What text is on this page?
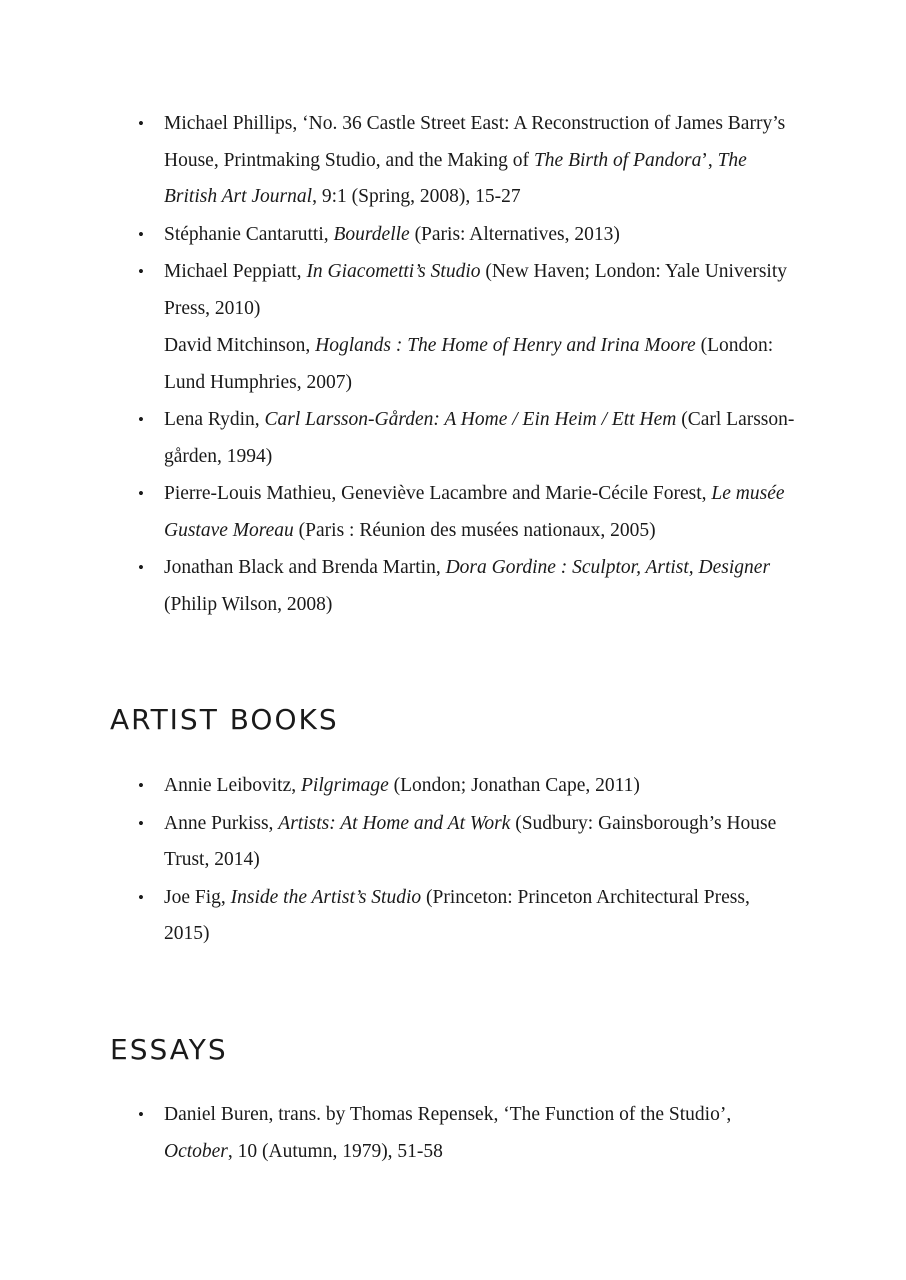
• Michael Phillips, ‘No. 36 Castle Street East: A Reconstruction of James Barry’s House, Printmaking Studio, and the Making of The Birth of Pandora’, The British Art Journal, 9:1 (Spring, 2008), 15-27
• Stéphanie Cantarutti, Bourdelle (Paris: Alternatives, 2013)
• Michael Peppiatt, In Giacometti’s Studio (New Haven; London: Yale University Press, 2010)
David Mitchinson, Hoglands : The Home of Henry and Irina Moore (London: Lund Humphries, 2007)
• Lena Rydin, Carl Larsson-Gården: A Home / Ein Heim / Ett Hem (Carl Larsson-gården, 1994)
• Pierre-Louis Mathieu, Geneviève Lacambre and Marie-Cécile Forest, Le musée Gustave Moreau (Paris : Réunion des musées nationaux, 2005)
• Jonathan Black and Brenda Martin, Dora Gordine : Sculptor, Artist, Designer (Philip Wilson, 2008)
ARTIST BOOKS
• Annie Leibovitz, Pilgrimage (London; Jonathan Cape, 2011)
• Anne Purkiss, Artists: At Home and At Work (Sudbury: Gainsborough’s House Trust, 2014)
• Joe Fig, Inside the Artist’s Studio (Princeton: Princeton Architectural Press, 2015)
ESSAYS
• Daniel Buren, trans. by Thomas Repensek, ‘The Function of the Studio’, October, 10 (Autumn, 1979), 51-58
